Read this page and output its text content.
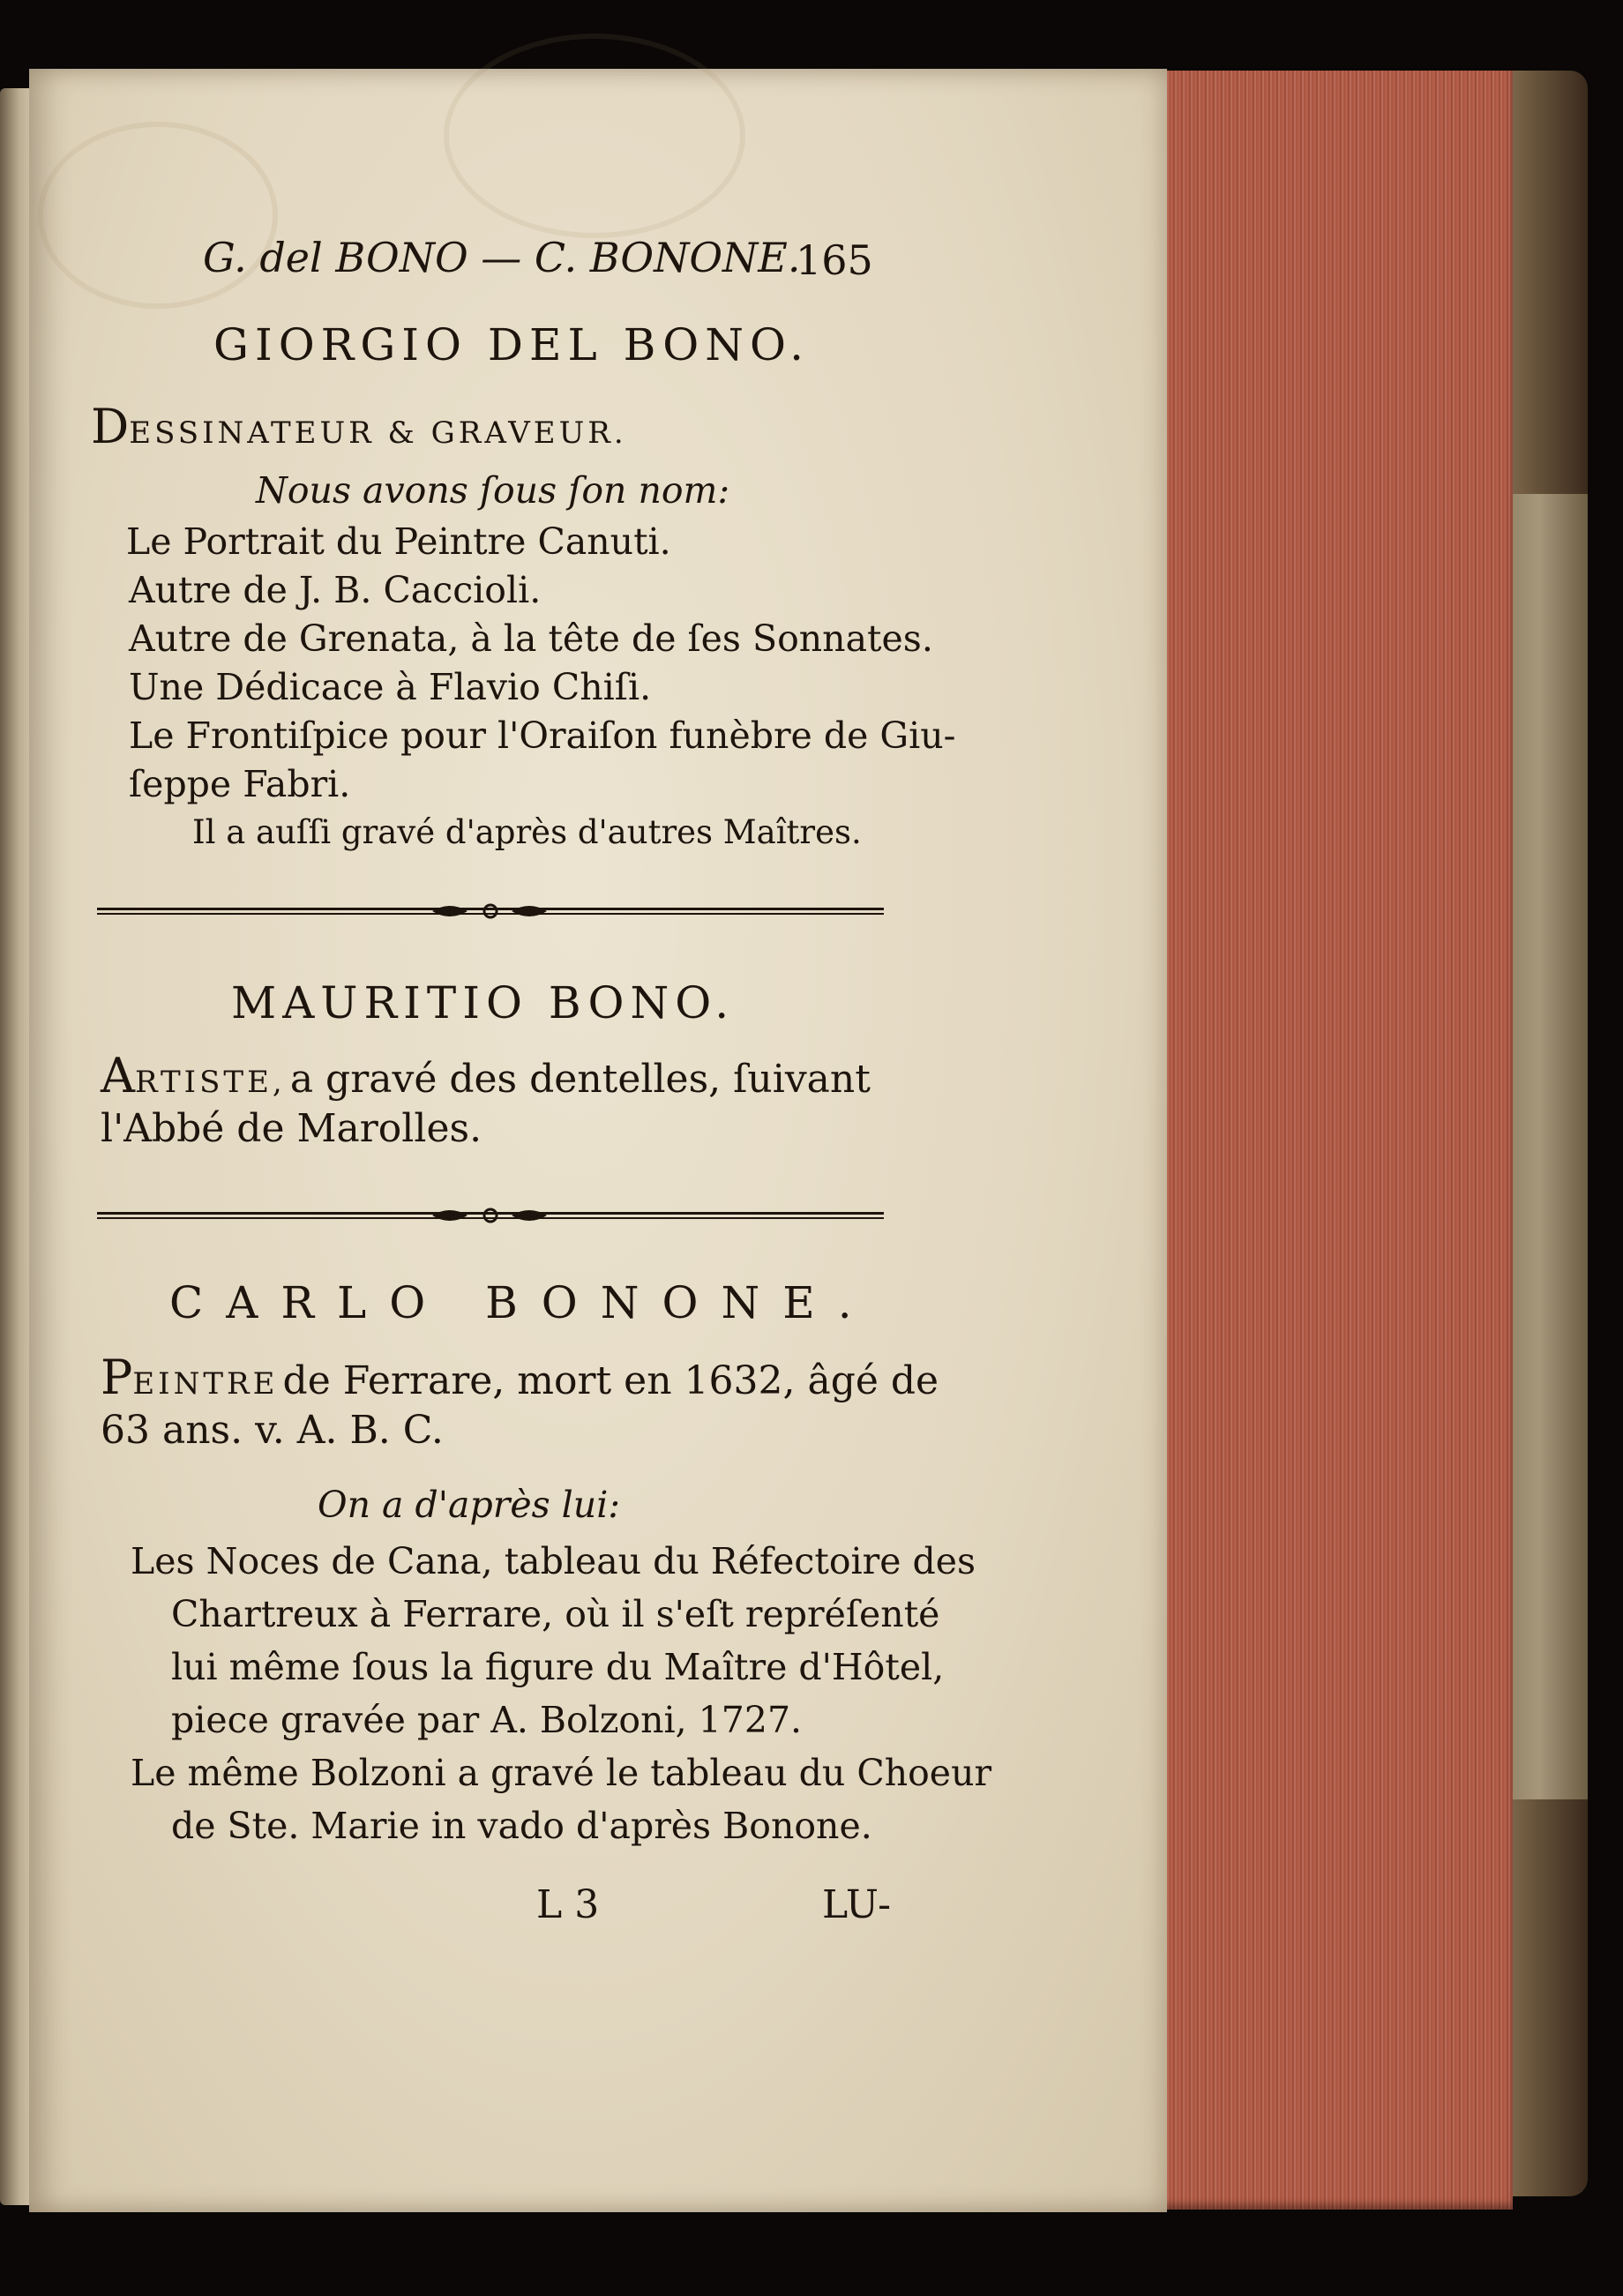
G. del BONO — C. BONONE.
165
GIORGIO DEL BONO.
DESSINATEUR & GRAVEUR.
Nous avons ſous ſon nom:
Le Portrait du Peintre Canuti.
Autre de J. B. Caccioli.
Autre de Grenata, à la tête de ſes Sonnates.
Une Dédicace à Flavio Chiſi.
Le Frontiſpice pour l'Oraiſon funèbre de Giu-
ſeppe Fabri.
Il a auſſi gravé d'après d'autres Maîtres.
MAURITIO BONO.
ARTISTE, a gravé des dentelles, ſuivant
l'Abbé de Marolles.
CARLO BONONE.
PEINTRE de Ferrare, mort en 1632, âgé de
63 ans. v. A. B. C.
On a d'après lui:
Les Noces de Cana, tableau du Réfectoire des
Chartreux à Ferrare, où il s'eſt repréſenté
lui même ſous la figure du Maître d'Hôtel,
piece gravée par A. Bolzoni, 1727.
Le même Bolzoni a gravé le tableau du Choeur
de Ste. Marie in vado d'après Bonone.
L 3	LU-
